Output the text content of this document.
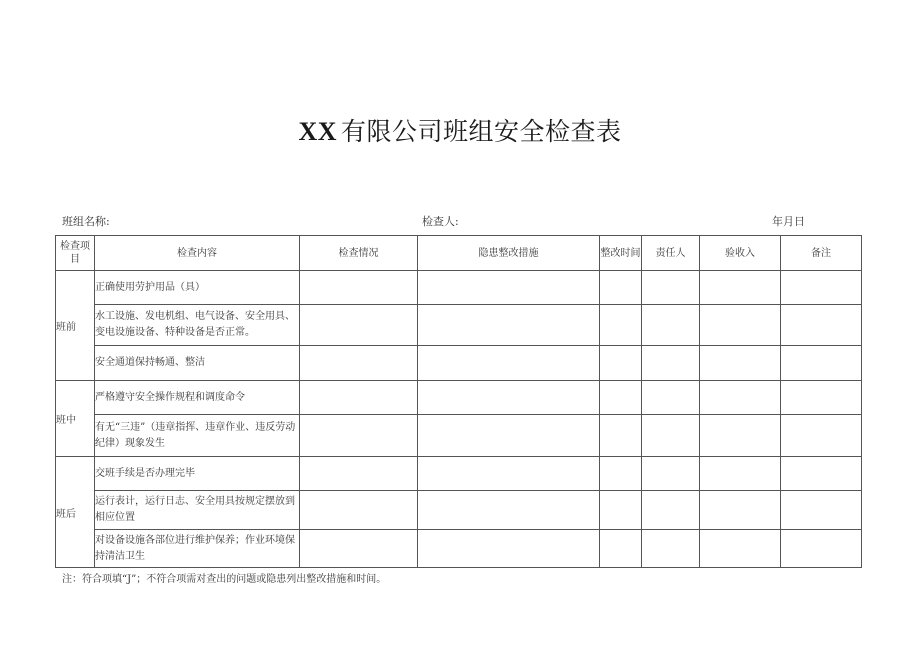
XX 有限公司班组安全检查表
班组名称:	检查人:	年月日
检查项目	检查内容	检查情况	隐患整改措施	整改时间	责任人	验收入	备注
班前	正确使用劳护用品（具）						
	水工设施、发电机组、电气设备、安全用具、变电设施设备、特种设备是否正常。						
	安全通道保持畅通、整洁						
班中	严格遵守安全操作规程和调度命令						
	有无“三违”（违章指挥、违章作业、违反劳动纪律）现象发生						
班后	交班手续是否办理完毕						
	运行表计，运行日志、安全用具按规定摆放到相应位置						
	对设备设施各部位进行维护保养；作业环境保持清洁卫生						
注：符合项填“J”；不符合项需对查出的问题或隐患列出整改措施和时间。
